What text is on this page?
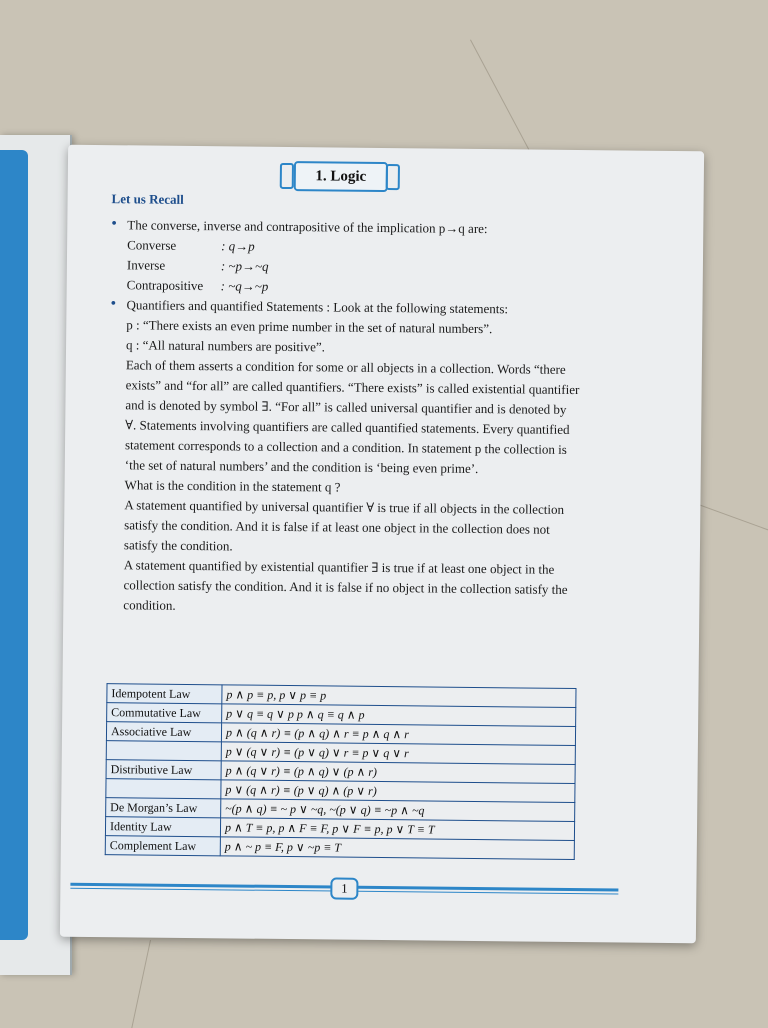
1. Logic
Let us Recall
• The converse, inverse and contrapositive of the implication p→q are:
Converse	: q→p
Inverse	: ~p→~q
Contrapositive	: ~q→~p
• Quantifiers and quantified Statements : Look at the following statements:
p : “There exists an even prime number in the set of natural numbers”.
q : “All natural numbers are positive”.
Each of them asserts a condition for some or all objects in a collection. Words “there exists” and “for all” are called quantifiers. “There exists” is called existential quantifier and is denoted by symbol ∃. “For all” is called universal quantifier and is denoted by ∀. Statements involving quantifiers are called quantified statements. Every quantified statement corresponds to a collection and a condition. In statement p the collection is ‘the set of natural numbers’ and the condition is ‘being even prime’.
What is the condition in the statement q ?
A statement quantified by universal quantifier ∀ is true if all objects in the collection satisfy the condition. And it is false if at least one object in the collection does not satisfy the condition.
A statement quantified by existential quantifier ∃ is true if at least one object in the collection satisfy the condition. And it is false if no object in the collection satisfy the condition.
Idempotent Law	p ∧ p ≡ p, p ∨ p ≡ p
Commutative Law	p ∨ q ≡ q ∨ p p ∧ q ≡ q ∧ p
Associative Law	p ∧ (q ∧ r) ≡ (p ∧ q) ∧ r ≡ p ∧ q ∧ r
	p ∨ (q ∨ r) ≡ (p ∨ q) ∨ r ≡ p ∨ q ∨ r
Distributive Law	p ∧ (q ∨ r) ≡ (p ∧ q) ∨ (p ∧ r)
	p ∨ (q ∧ r) ≡ (p ∨ q) ∧ (p ∨ r)
De Morgan’s Law	~(p ∧ q) ≡ ~ p ∨ ~q, ~(p ∨ q) ≡ ~p ∧ ~q
Identity Law	p ∧ T ≡ p, p ∧ F ≡ F, p ∨ F ≡ p, p ∨ T ≡ T
Complement Law	p ∧ ~ p ≡ F, p ∨ ~p ≡ T
1
